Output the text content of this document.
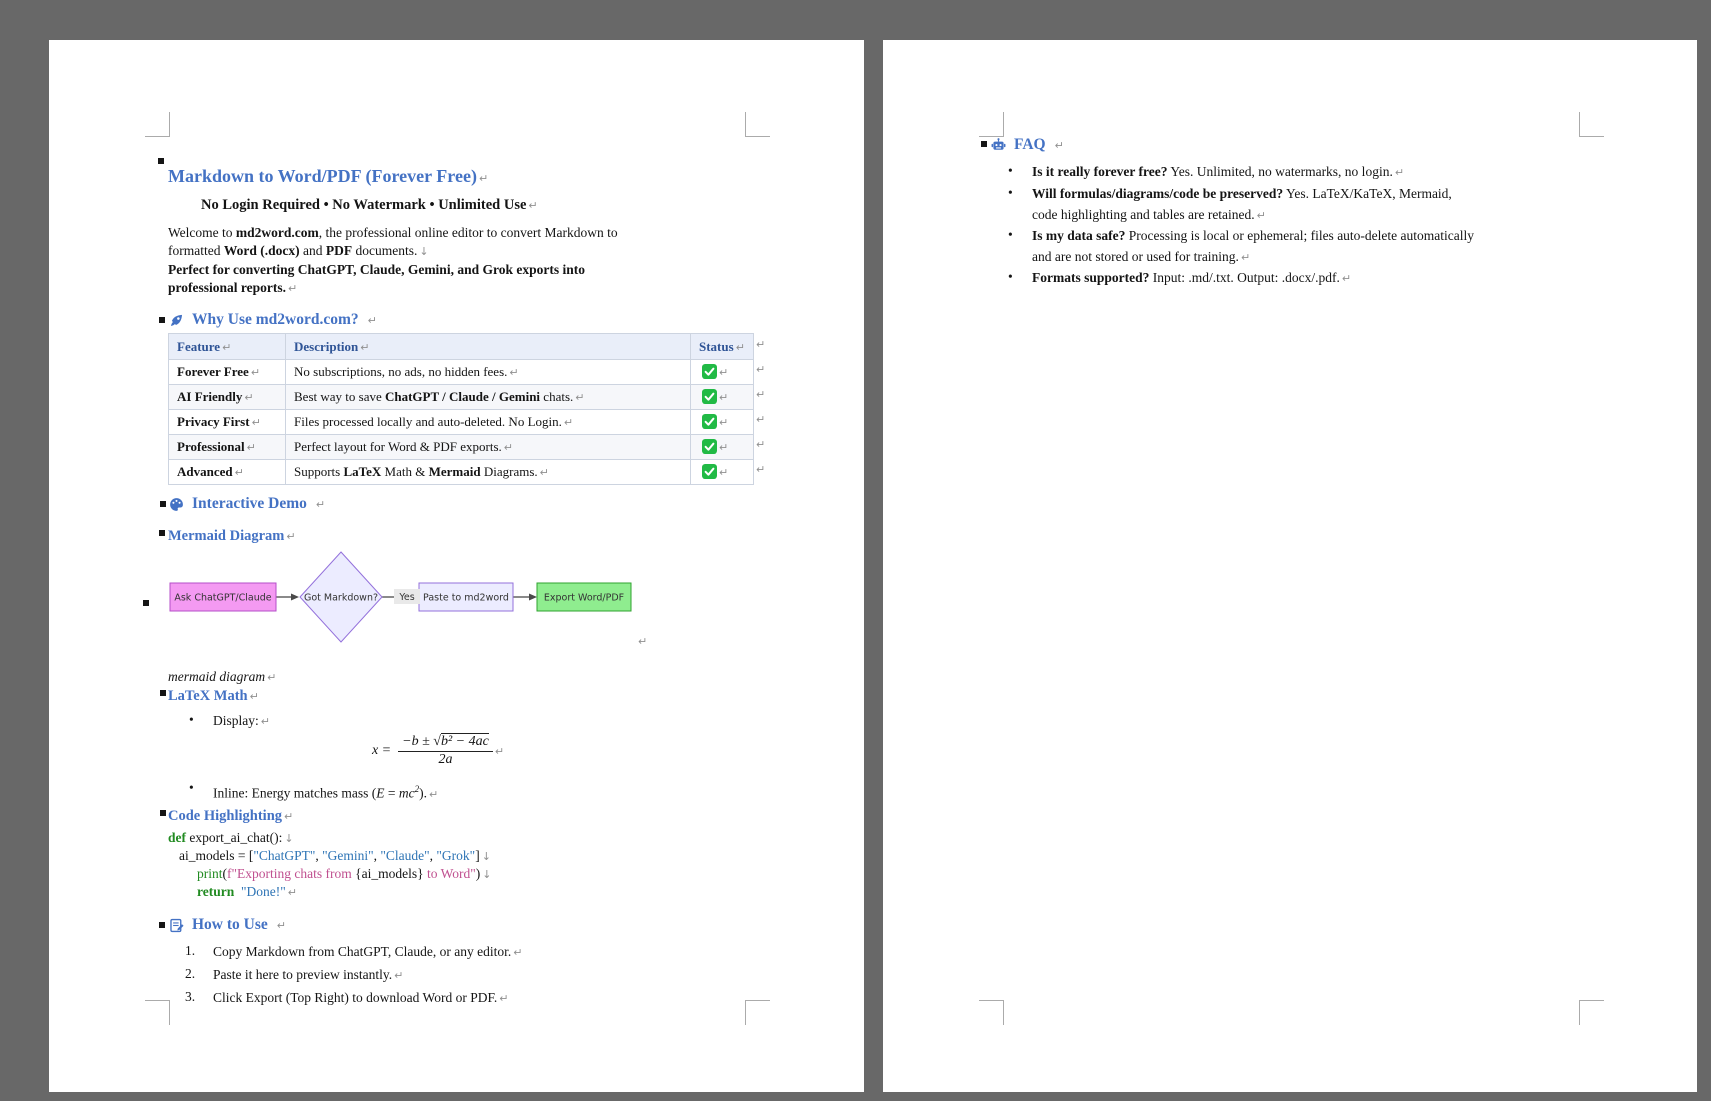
Markdown to Word/PDF (Forever Free) ↵
No Login Required • No Watermark • Unlimited Use ↵
Welcome to md2word.com, the professional online editor to convert Markdown to
formatted Word (.docx) and PDF documents. ↓
Perfect for converting ChatGPT, Claude, Gemini, and Grok exports into
professional reports. ↵
Why Use md2word.com? ↵
Feature ↵	Description ↵	Status ↵
Forever Free ↵	No subscriptions, no ads, no hidden fees. ↵	↵
AI Friendly ↵	Best way to save ChatGPT / Claude / Gemini chats. ↵	↵
Privacy First ↵	Files processed locally and auto-deleted. No Login. ↵	↵
Professional ↵	Perfect layout for Word & PDF exports. ↵	↵
Advanced ↵	Supports LaTeX Math & Mermaid Diagrams. ↵	↵
↵
↵
↵
↵
↵
↵
Interactive Demo ↵
Mermaid Diagram ↵
Ask ChatGPT/Claude	Got Markdown?	Paste to md2word	Export Word/PDF
Yes
↵
mermaid diagram ↵
LaTeX Math ↵
• Display: ↵
$x = \frac{\text{−b ± √b² − 4ac}}{2a}$ ↵
• Inline: Energy matches mass $(E = mc^2)$. ↵
Code Highlighting ↵
def export_ai_chat(): ↓
ai_models = ["ChatGPT", "Gemini", "Claude", "Grok"] ↓
print(f"Exporting chats from {ai_models} to Word") ↓
return "Done!" ↵
How to Use ↵
1. Copy Markdown from ChatGPT, Claude, or any editor. ↵
2. Paste it here to preview instantly. ↵
3. Click Export (Top Right) to download Word or PDF. ↵
FAQ ↵
• Is it really forever free? Yes. Unlimited, no watermarks, no login. ↵
• Will formulas/diagrams/code be preserved? Yes. LaTeX/KaTeX, Mermaid,
code highlighting and tables are retained. ↵
• Is my data safe? Processing is local or ephemeral; files auto-delete automatically
and are not stored or used for training. ↵
• Formats supported? Input: .md/.txt. Output: .docx/.pdf. ↵
